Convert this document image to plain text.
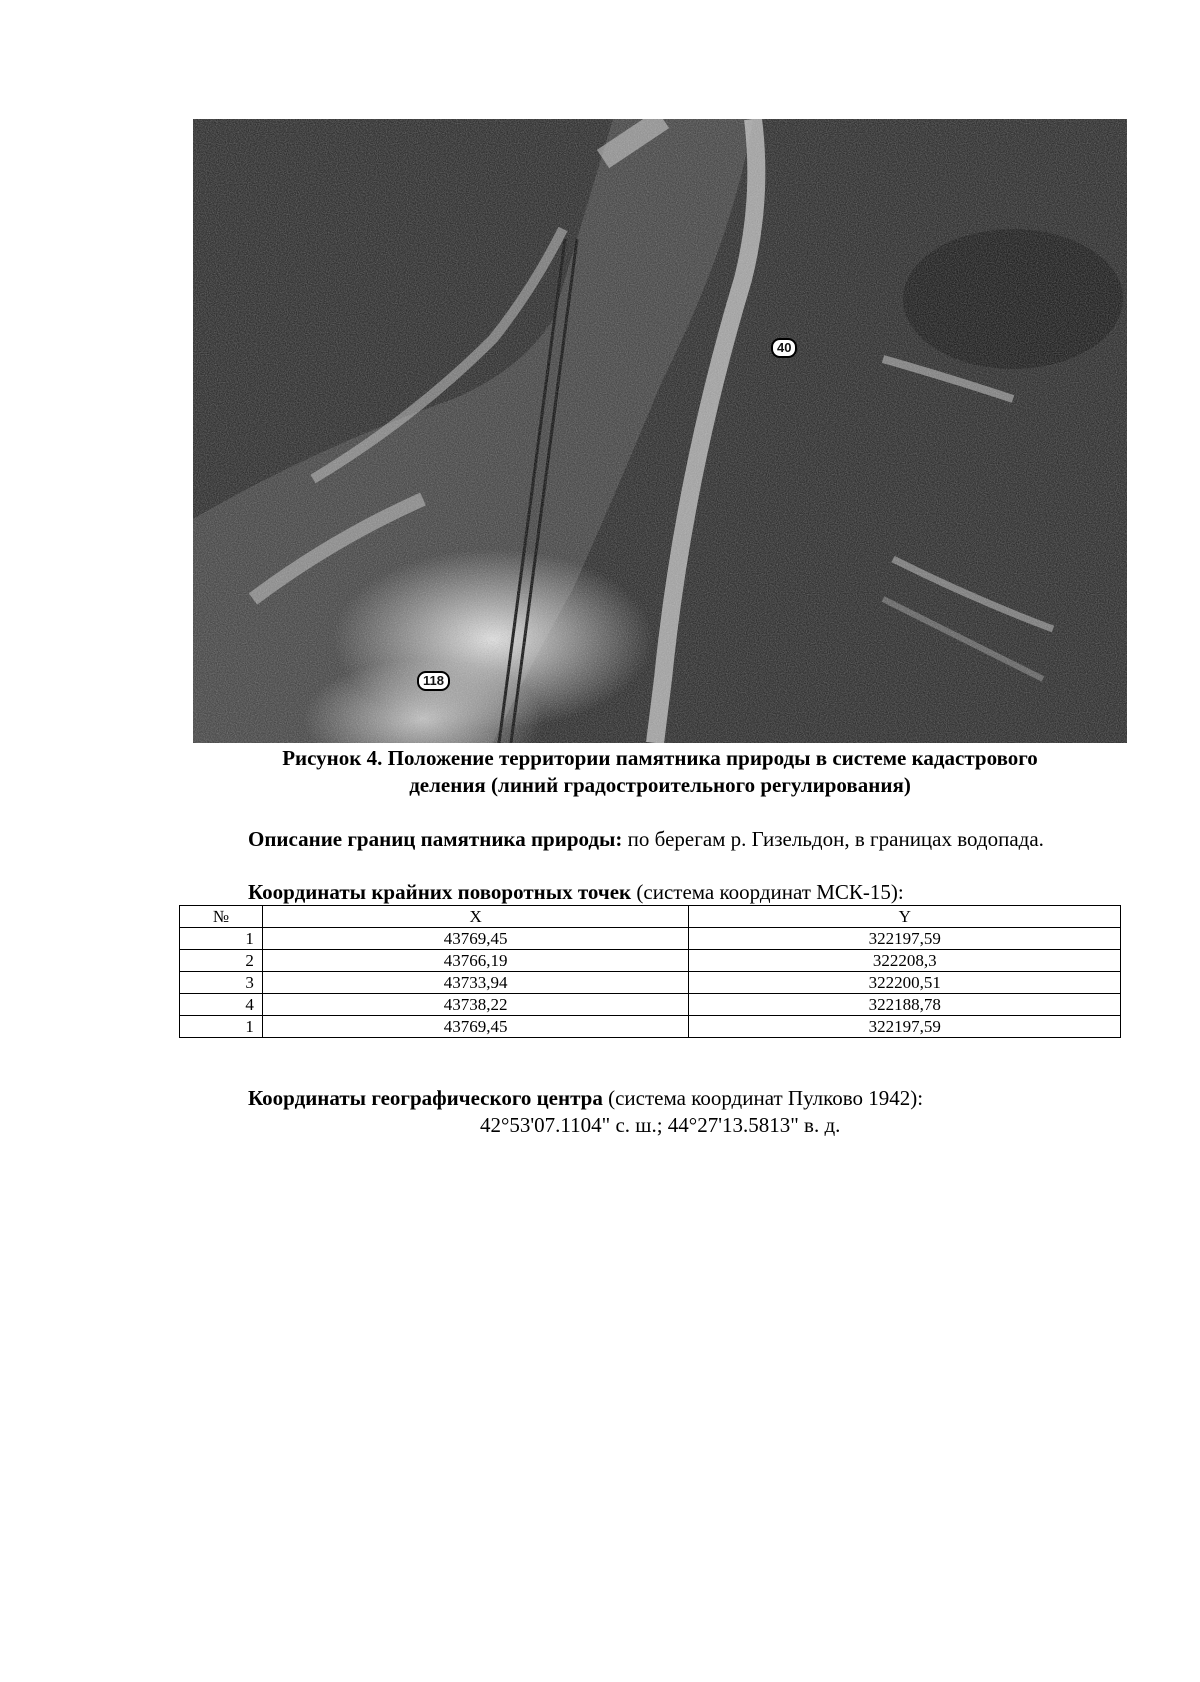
40
118
Рисунок 4. Положение территории памятника природы в системе кадастрового
деления (линий градостроительного регулирования)
Описание границ памятника природы: по берегам р. Гизельдон, в границах водопада.
Координаты крайних поворотных точек (система координат МСК-15):
№	X	Y
1	43769,45	322197,59
2	43766,19	322208,3
3	43733,94	322200,51
4	43738,22	322188,78
1	43769,45	322197,59
Координаты географического центра (система координат Пулково 1942):
42°53'07.1104" с. ш.; 44°27'13.5813" в. д.
